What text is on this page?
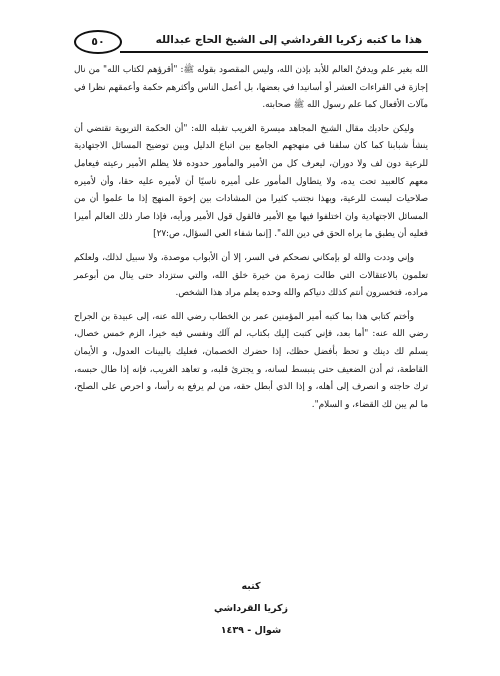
٥٠	هذا ما كتبه زكريا القرداشي إلى الشيخ الحاج عبدالله

الله بغير علم ويدفنُ العالم للأبد بإذن الله، وليس المقصود بقوله ﷺ: "أقرؤهم لكتاب الله" من نال إجازة في القراءات العشر أو أسانيدا في بعضها، بل أعمل الناس وأكثرهم حكمة وأعمقهم نظرا في مآلات الأفعال كما علم رسول الله ﷺ صحابته.

وليكن حاديك مقال الشيخ المجاهد ميسرة الغريب تقبله الله: "أن الحكمة التربوية تقتضي أن ينشأ شبابنا كما كان سلفنا في منهجهم الجامع بين اتباع الدليل وبين توضيح المسائل الاجتهادية للرعية دون لف ولا دوران، ليعرف كل من الأمير والمأمور حدوده فلا يظلم الأمير رعيته فيعامل معهم كالعبيد تحت يده، ولا يتطاول المأمور على أميره ناسيًا أن لأميره عليه حقا، وأن لأميره صلاحيات ليست للرعية، وبهذا نجتنب كثيرا من المشادات بين إخوة المنهج إذا ما علموا أن من المسائل الاجتهادية وان اختلفوا فيها مع الأمير فالقول قول الأمير ورأيه، فإذا صار ذلك العالم أميرا فعليه أن يطبق ما يراه الحق في دين الله". [إنما شفاء العي السؤال، ص:٢٧]

وإني وددت والله لو بإمكاني نصحكم في السر، إلا أن الأبواب موصدة، ولا سبيل لذلك، ولعلكم تعلمون بالاعتقالات التي طالت زمرة من خيرة خلق الله، والتي ستزداد حتى ينال من أبوعمر مراده، فتخسرون أنتم كذلك دنياكم والله وحده يعلم مراد هذا الشخص.

وأختم كتابي هذا بما كتبه أمير المؤمنين عمر بن الخطاب رضي الله عنه، إلى عبيدة بن الجراح رضي الله عنه: "أما بعد، فإني كتبت إليك بكتاب، لم آلك ونفسي فيه خيرا، الزم خمس خصال، يسلم لك دينك و تحظ بأفضل حظك، إذا حضرك الخصمان، فعليك بالبينات العدول، و الأيمان القاطعة، ثم أدن الضعيف حتى ينبسط لسانه، و يجترئ قلبه، و تعاهد الغريب، فإنه إذا طال حبسه، ترك حاجته و انصرف إلى أهله، و إذا الذي أبطل حقه، من لم يرفع به رأسا، و احرص على الصلح، ما لم يبن لك القضاء، و السلام".

كتبه
زكريا القرداشي
شوال - ١٤٣٩
